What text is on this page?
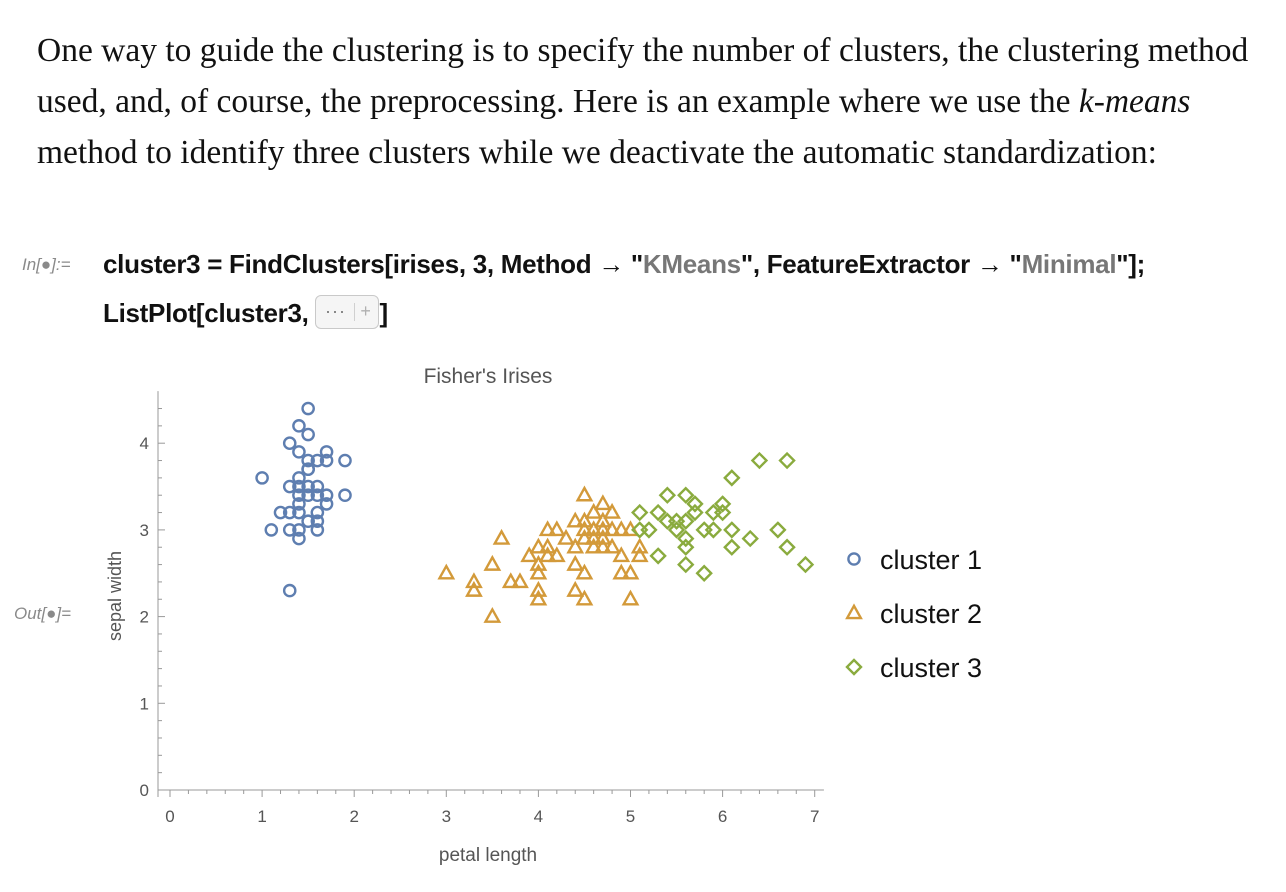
One way to guide the clustering is to specify the number of clusters, the clustering method used, and, of course, the preprocessing. Here is an example where we use the k-means method to identify three clusters while we deactivate the automatic standardization:
In[●]:= cluster3 = FindClusters[irises, 3, Method → "KMeans", FeatureExtractor → "Minimal"];
ListPlot[cluster3, ··· + ]
Out[●]=
Fisher's Irises
petal length
sepal width
0	1	2	3	4	5	6	7
0
1
2
3
4
cluster 1
cluster 2
cluster 3
